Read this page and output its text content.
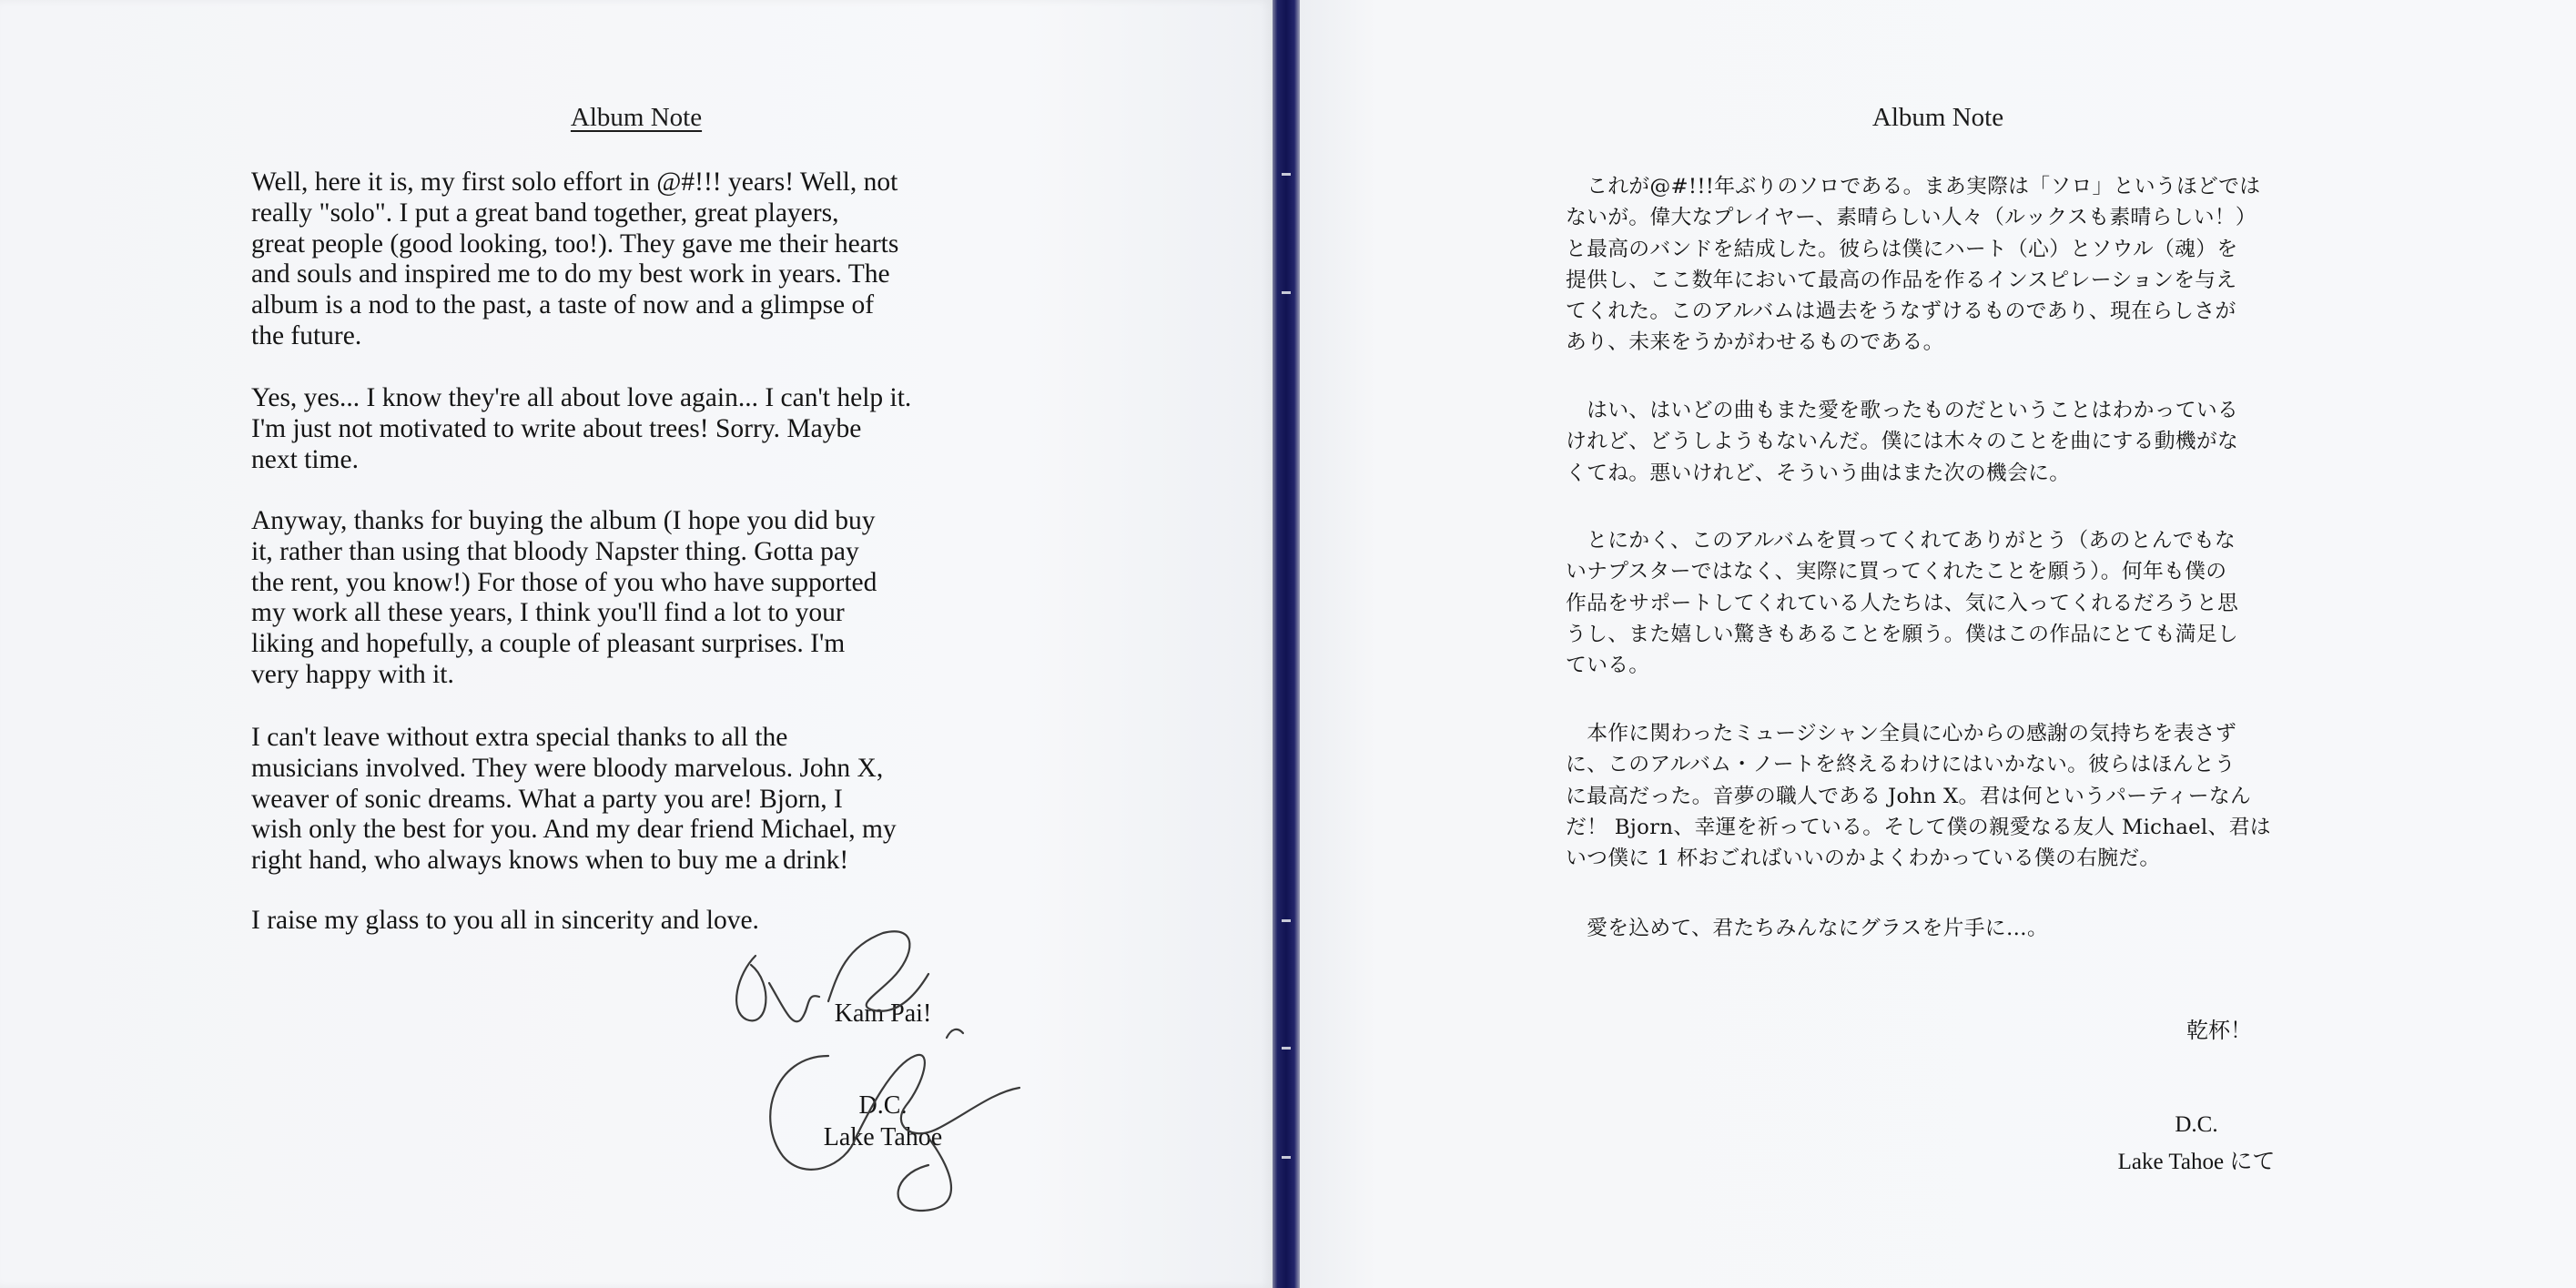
Album Note

Well, here it is, my first solo effort in @#!!! years! Well, not
really "solo". I put a great band together, great players,
great people (good looking, too!). They gave me their hearts
and souls and inspired me to do my best work in years. The
album is a nod to the past, a taste of now and a glimpse of
the future.

Yes, yes... I know they're all about love again... I can't help it.
I'm just not motivated to write about trees! Sorry. Maybe
next time.

Anyway, thanks for buying the album (I hope you did buy
it, rather than using that bloody Napster thing. Gotta pay
the rent, you know!) For those of you who have supported
my work all these years, I think you'll find a lot to your
liking and hopefully, a couple of pleasant surprises. I'm
very happy with it.

I can't leave without extra special thanks to all the
musicians involved. They were bloody marvelous. John X,
weaver of sonic dreams. What a party you are! Bjorn, I
wish only the best for you. And my dear friend Michael, my
right hand, who always knows when to buy me a drink!

I raise my glass to you all in sincerity and love.

Kam Pai!
D.C.
Lake Tahoe
Album Note

　これが@#!!!年ぶりのソロである。まあ実際は「ソロ」というほどでは
ないが。偉大なプレイヤー、素晴らしい人々（ルックスも素晴らしい！）
と最高のバンドを結成した。彼らは僕にハート（心）とソウル（魂）を
提供し、ここ数年において最高の作品を作るインスピレーションを与え
てくれた。このアルバムは過去をうなずけるものであり、現在らしさが
あり、未来をうかがわせるものである。

　はい、はいどの曲もまた愛を歌ったものだということはわかっている
けれど、どうしようもないんだ。僕には木々のことを曲にする動機がな
くてね。悪いけれど、そういう曲はまた次の機会に。

　とにかく、このアルバムを買ってくれてありがとう（あのとんでもな
いナプスターではなく、実際に買ってくれたことを願う）。何年も僕の
作品をサポートしてくれている人たちは、気に入ってくれるだろうと思
うし、また嬉しい驚きもあることを願う。僕はこの作品にとても満足し
ている。

　本作に関わったミュージシャン全員に心からの感謝の気持ちを表さず
に、このアルバム・ノートを終えるわけにはいかない。彼らはほんとう
に最高だった。音夢の職人である John X。君は何というパーティーなん
だ！ Bjorn、幸運を祈っている。そして僕の親愛なる友人 Michael、君は
いつ僕に 1 杯おごればいいのかよくわかっている僕の右腕だ。

　愛を込めて、君たちみんなにグラスを片手に…。

乾杯！
D.C.
Lake Tahoe にて
